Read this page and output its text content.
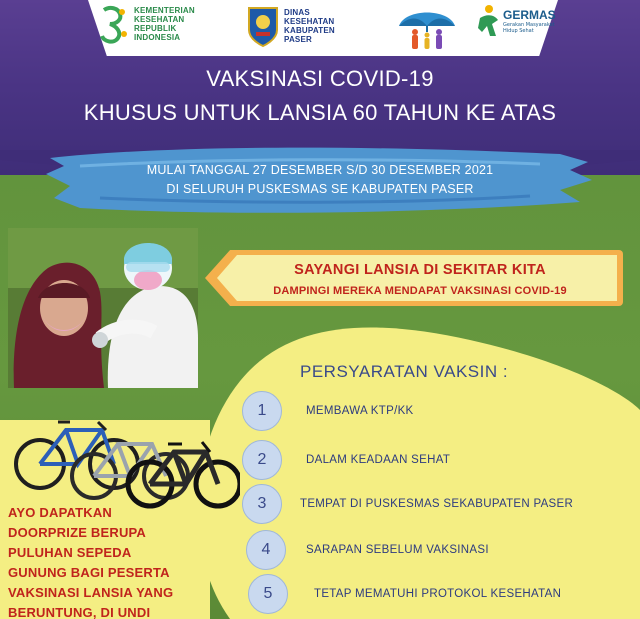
KEMENTERIAN
KESEHATAN
REPUBLIK
INDONESIA
DINAS
KESEHATAN
KABUPATEN
PASER
GERMAS
Gerakan Masyarakat
Hidup Sehat
VAKSINASI COVID-19
KHUSUS UNTUK LANSIA 60 TAHUN KE ATAS
MULAI TANGGAL 27 DESEMBER S/D 30 DESEMBER 2021
DI SELURUH PUSKESMAS SE KABUPATEN PASER
SAYANGI LANSIA DI SEKITAR KITA
DAMPINGI MEREKA MENDAPAT VAKSINASI COVID-19
PERSYARATAN VAKSIN :
1	MEMBAWA KTP/KK
2	DALAM KEADAAN SEHAT
3	TEMPAT DI PUSKESMAS SEKABUPATEN PASER
4	SARAPAN SEBELUM VAKSINASI
5	TETAP MEMATUHI PROTOKOL KESEHATAN
AYO DAPATKAN
DOORPRIZE BERUPA
PULUHAN SEPEDA
GUNUNG BAGI PESERTA
VAKSINASI LANSIA YANG
BERUNTUNG, DI UNDI
